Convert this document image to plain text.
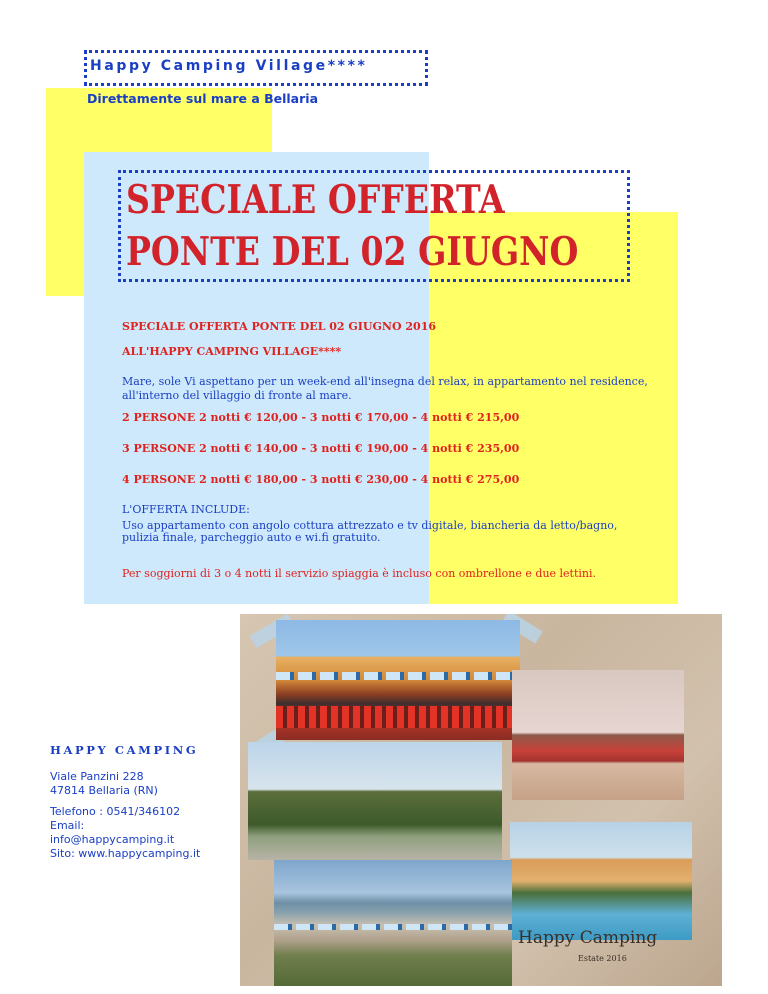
Happy Camping Village****
Direttamente sul mare a Bellaria
SPECIALE OFFERTA
PONTE DEL 02 GIUGNO
SPECIALE OFFERTA PONTE DEL 02 GIUGNO 2016
ALL'HAPPY CAMPING VILLAGE****
Mare, sole Vi aspettano per un week-end all'insegna del relax, in appartamento nel residence, all'interno del villaggio di fronte al mare.
2 PERSONE 2 notti € 120,00 - 3 notti € 170,00 - 4 notti € 215,00
3 PERSONE 2 notti € 140,00 - 3 notti € 190,00 - 4 notti € 235,00
4 PERSONE 2 notti € 180,00 - 3 notti € 230,00 - 4 notti € 275,00
L'OFFERTA INCLUDE:
Uso appartamento con angolo cottura attrezzato e tv digitale, biancheria da letto/bagno, pulizia finale, parcheggio auto e wi.fi gratuito.
Per soggiorni di 3 o 4 notti il servizio spiaggia è incluso con ombrellone e due lettini.
HAPPY CAMPING
Viale Panzini 228
47814 Bellaria (RN)
Telefono : 0541/346102
Email:
info@happycamping.it
Sito: www.happycamping.it
Happy Camping
Estate 2016
